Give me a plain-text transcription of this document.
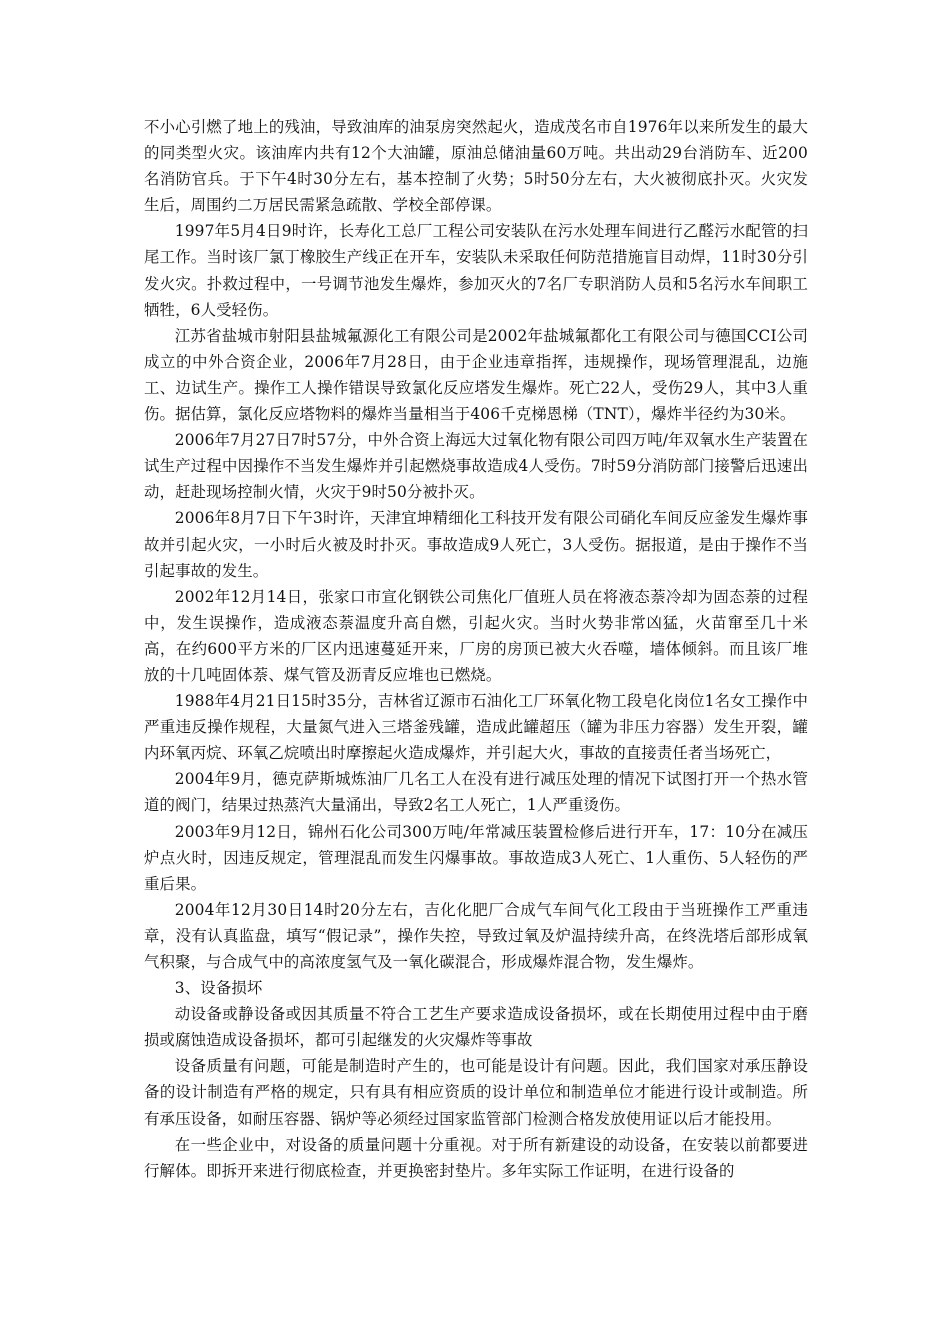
不小心引燃了地上的残油，导致油库的油泵房突然起火，造成茂名市自1976年以来所发生的最大的同类型火灾。该油库内共有12个大油罐，原油总储油量60万吨。共出动29台消防车、近200名消防官兵。于下午4时30分左右，基本控制了火势；5时50分左右，大火被彻底扑灭。火灾发生后，周围约二万居民需紧急疏散、学校全部停课。

1997年5月4日9时许，长寿化工总厂工程公司安装队在污水处理车间进行乙醛污水配管的扫尾工作。当时该厂氯丁橡胶生产线正在开车，安装队未采取任何防范措施盲目动焊，11时30分引发火灾。扑救过程中，一号调节池发生爆炸，参加灭火的7名厂专职消防人员和5名污水车间职工牺牲，6人受轻伤。

江苏省盐城市射阳县盐城氟源化工有限公司是2002年盐城氟都化工有限公司与德国CCI公司成立的中外合资企业，2006年7月28日，由于企业违章指挥，违规操作，现场管理混乱，边施工、边试生产。操作工人操作错误导致氯化反应塔发生爆炸。死亡22人，受伤29人，其中3人重伤。据估算，氯化反应塔物料的爆炸当量相当于406千克梯恩梯（TNT），爆炸半径约为30米。

2006年7月27日7时57分，中外合资上海远大过氧化物有限公司四万吨/年双氧水生产装置在试生产过程中因操作不当发生爆炸并引起燃烧事故造成4人受伤。7时59分消防部门接警后迅速出动，赶赴现场控制火情，火灾于9时50分被扑灭。

2006年8月7日下午3时许，天津宜坤精细化工科技开发有限公司硝化车间反应釜发生爆炸事故并引起火灾，一小时后火被及时扑灭。事故造成9人死亡，3人受伤。据报道，是由于操作不当引起事故的发生。

2002年12月14日，张家口市宣化钢铁公司焦化厂值班人员在将液态萘冷却为固态萘的过程中，发生误操作，造成液态萘温度升高自燃，引起火灾。当时火势非常凶猛，火苗窜至几十米高，在约600平方米的厂区内迅速蔓延开来，厂房的房顶已被大火吞噬，墙体倾斜。而且该厂堆放的十几吨固体萘、煤气管及沥青反应堆也已燃烧。

1988年4月21日15时35分，吉林省辽源市石油化工厂环氧化物工段皂化岗位1名女工操作中严重违反操作规程，大量氮气进入三塔釜残罐，造成此罐超压（罐为非压力容器）发生开裂，罐内环氧丙烷、环氧乙烷喷出时摩擦起火造成爆炸，并引起大火，事故的直接责任者当场死亡，

2004年9月，德克萨斯城炼油厂几名工人在没有进行减压处理的情况下试图打开一个热水管道的阀门，结果过热蒸汽大量涌出，导致2名工人死亡，1人严重烫伤。

2003年9月12日，锦州石化公司300万吨/年常减压装置检修后进行开车，17：10分在减压炉点火时，因违反规定，管理混乱而发生闪爆事故。事故造成3人死亡、1人重伤、5人轻伤的严重后果。

2004年12月30日14时20分左右，吉化化肥厂合成气车间气化工段由于当班操作工严重违章，没有认真监盘，填写“假记录”，操作失控，导致过氧及炉温持续升高，在终洗塔后部形成氧气积聚，与合成气中的高浓度氢气及一氧化碳混合，形成爆炸混合物，发生爆炸。

3、设备损坏

动设备或静设备或因其质量不符合工艺生产要求造成设备损坏，或在长期使用过程中由于磨损或腐蚀造成设备损坏，都可引起继发的火灾爆炸等事故

设备质量有问题，可能是制造时产生的，也可能是设计有问题。因此，我们国家对承压静设备的设计制造有严格的规定，只有具有相应资质的设计单位和制造单位才能进行设计或制造。所有承压设备，如耐压容器、锅炉等必须经过国家监管部门检测合格发放使用证以后才能投用。

在一些企业中，对设备的质量问题十分重视。对于所有新建设的动设备，在安装以前都要进行解体。即拆开来进行彻底检查，并更换密封垫片。多年实际工作证明，在进行设备的
